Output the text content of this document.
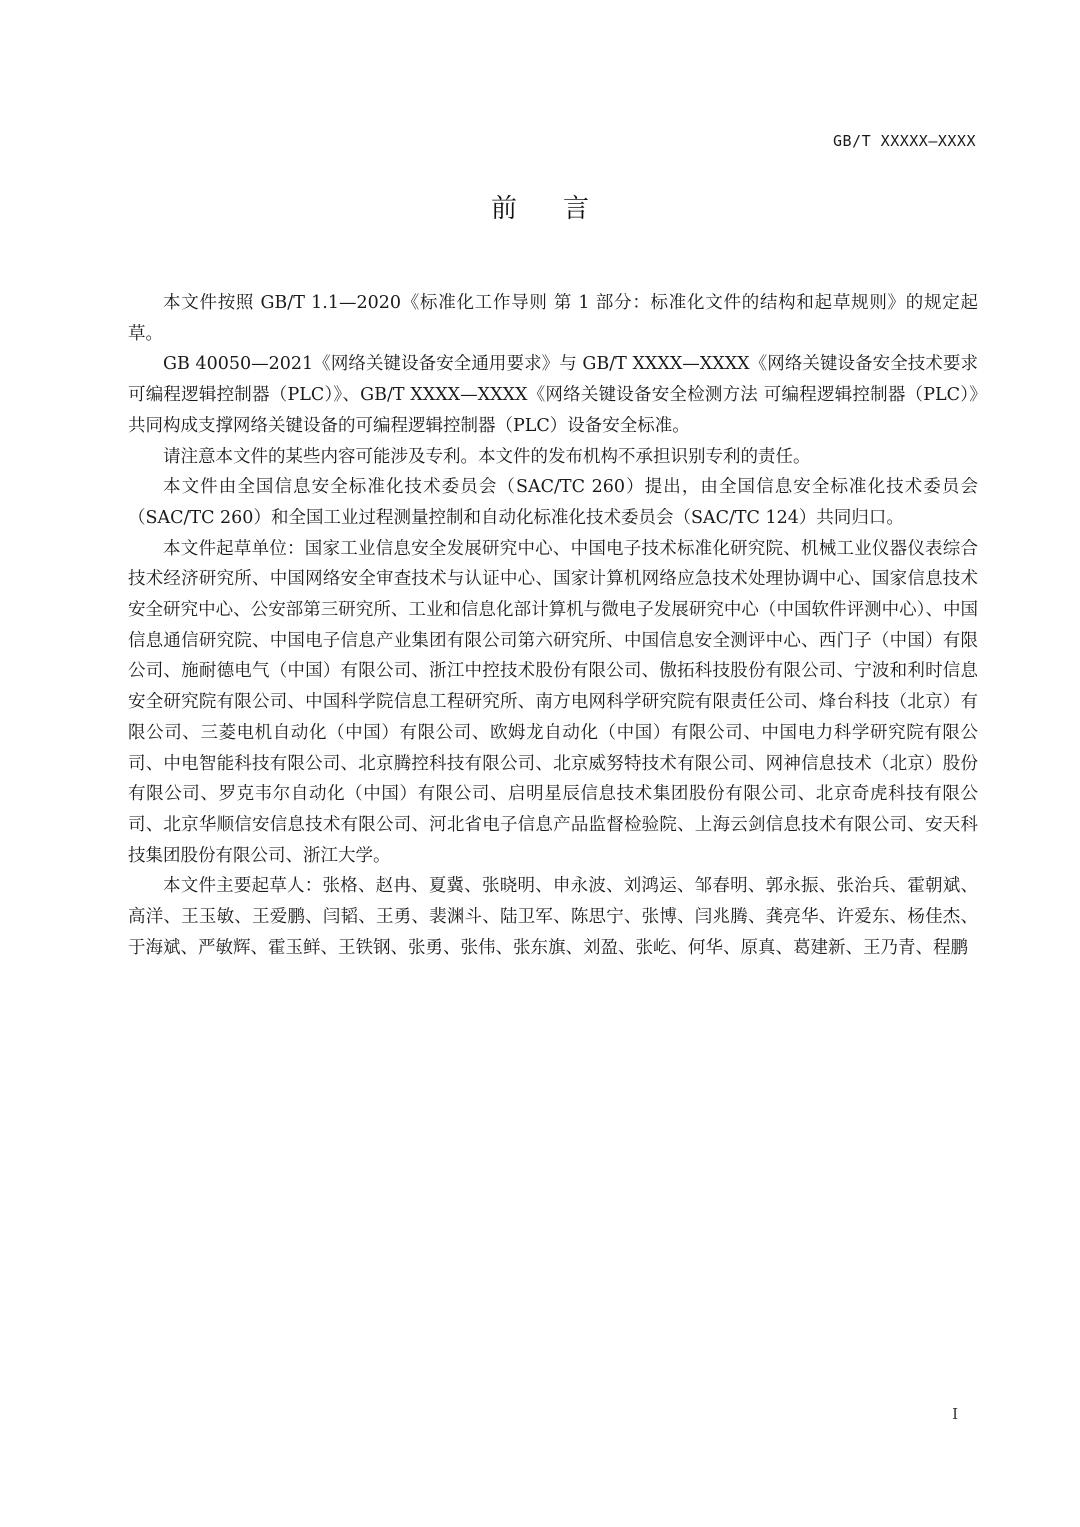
GB/T XXXXX—XXXX
前言

本文件按照 GB/T 1.1—2020《标准化工作导则 第 1 部分：标准化文件的结构和起草规则》的规定起草。

GB 40050—2021《网络关键设备安全通用要求》与 GB/T XXXX—XXXX《网络关键设备安全技术要求 可编程逻辑控制器（PLC）》、GB/T XXXX—XXXX《网络关键设备安全检测方法 可编程逻辑控制器（PLC）》共同构成支撑网络关键设备的可编程逻辑控制器（PLC）设备安全标准。

请注意本文件的某些内容可能涉及专利。本文件的发布机构不承担识别专利的责任。

本文件由全国信息安全标准化技术委员会（SAC/TC 260）提出，由全国信息安全标准化技术委员会（SAC/TC 260）和全国工业过程测量控制和自动化标准化技术委员会（SAC/TC 124）共同归口。

本文件起草单位：国家工业信息安全发展研究中心、中国电子技术标准化研究院、机械工业仪器仪表综合技术经济研究所、中国网络安全审查技术与认证中心、国家计算机网络应急技术处理协调中心、国家信息技术安全研究中心、公安部第三研究所、工业和信息化部计算机与微电子发展研究中心（中国软件评测中心）、中国信息通信研究院、中国电子信息产业集团有限公司第六研究所、中国信息安全测评中心、西门子（中国）有限公司、施耐德电气（中国）有限公司、浙江中控技术股份有限公司、傲拓科技股份有限公司、宁波和利时信息安全研究院有限公司、中国科学院信息工程研究所、南方电网科学研究院有限责任公司、烽台科技（北京）有限公司、三菱电机自动化（中国）有限公司、欧姆龙自动化（中国）有限公司、中国电力科学研究院有限公司、中电智能科技有限公司、北京腾控科技有限公司、北京威努特技术有限公司、网神信息技术（北京）股份有限公司、罗克韦尔自动化（中国）有限公司、启明星辰信息技术集团股份有限公司、北京奇虎科技有限公司、北京华顺信安信息技术有限公司、河北省电子信息产品监督检验院、上海云剑信息技术有限公司、安天科技集团股份有限公司、浙江大学。

本文件主要起草人：张格、赵冉、夏冀、张晓明、申永波、刘鸿运、邹春明、郭永振、张治兵、霍朝斌、高洋、王玉敏、王爱鹏、闫韬、王勇、裴渊斗、陆卫军、陈思宁、张博、闫兆腾、龚亮华、许爱东、杨佳杰、于海斌、严敏辉、霍玉鲜、王铁钢、张勇、张伟、张东旗、刘盈、张屹、何华、原真、葛建新、王乃青、程鹏

I
